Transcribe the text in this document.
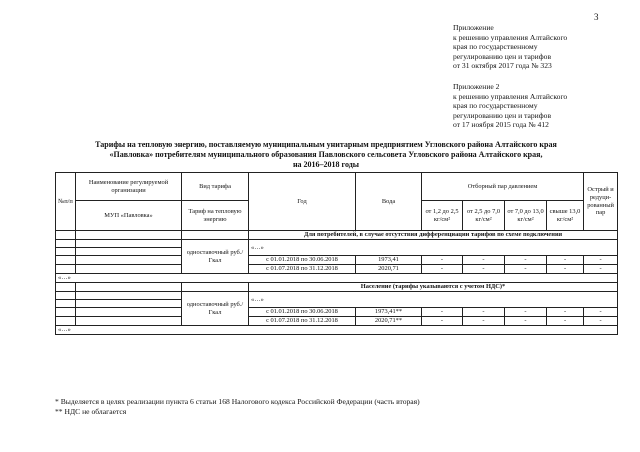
3
Приложение
к решению управления Алтайского
края по государственному
регулированию цен и тарифов
от 31 октября 2017 года № 323
Приложение 2
к решению управления Алтайского
края по государственному
регулированию цен и тарифов
от 17 ноября 2015 года № 412
Тарифы на тепловую энергию, поставляемую муниципальным унитарным предприятием Угловского района Алтайского края
«Павловка» потребителям муниципального образования Павловского сельсовета Угловского района Алтайского края,
на 2016–2018 годы
№п/п	Наименование регулируемой организации	Вид тарифа	Год	Вода	Отборный пар давлением				Острый и редуци-рованный пар
	МУП «Павловка»	Тариф на тепловую энергию			от 1,2 до 2,5 кг/см²	от 2,5 до 7,0 кг/см²	от 7,0 до 13,0 кг/см²	свыше 13,0 кг/см²	
			Для потребителей, в случае отсутствия дифференциации тарифов по схеме подключения						
		одноставочный руб./Гкал	«…»						

			с 01.01.2018 по 30.06.2018	1973,41	-	-	-	-	-
			с 01.07.2018 по 31.12.2018	2020,71	-	-	-	-	-
«…»									
			Население (тарифы указываются с учетом НДС)*						
		одноставочный руб./Гкал	«…»						

			с 01.01.2018 по 30.06.2018	1973,41**	-	-	-	-	-
			с 01.07.2018 по 31.12.2018	2020,71**	-	-	-	-	-
«…»									
* Выделяется в целях реализации пункта 6 статьи 168 Налогового кодекса Российской Федерации (часть вторая)
** НДС не облагается
